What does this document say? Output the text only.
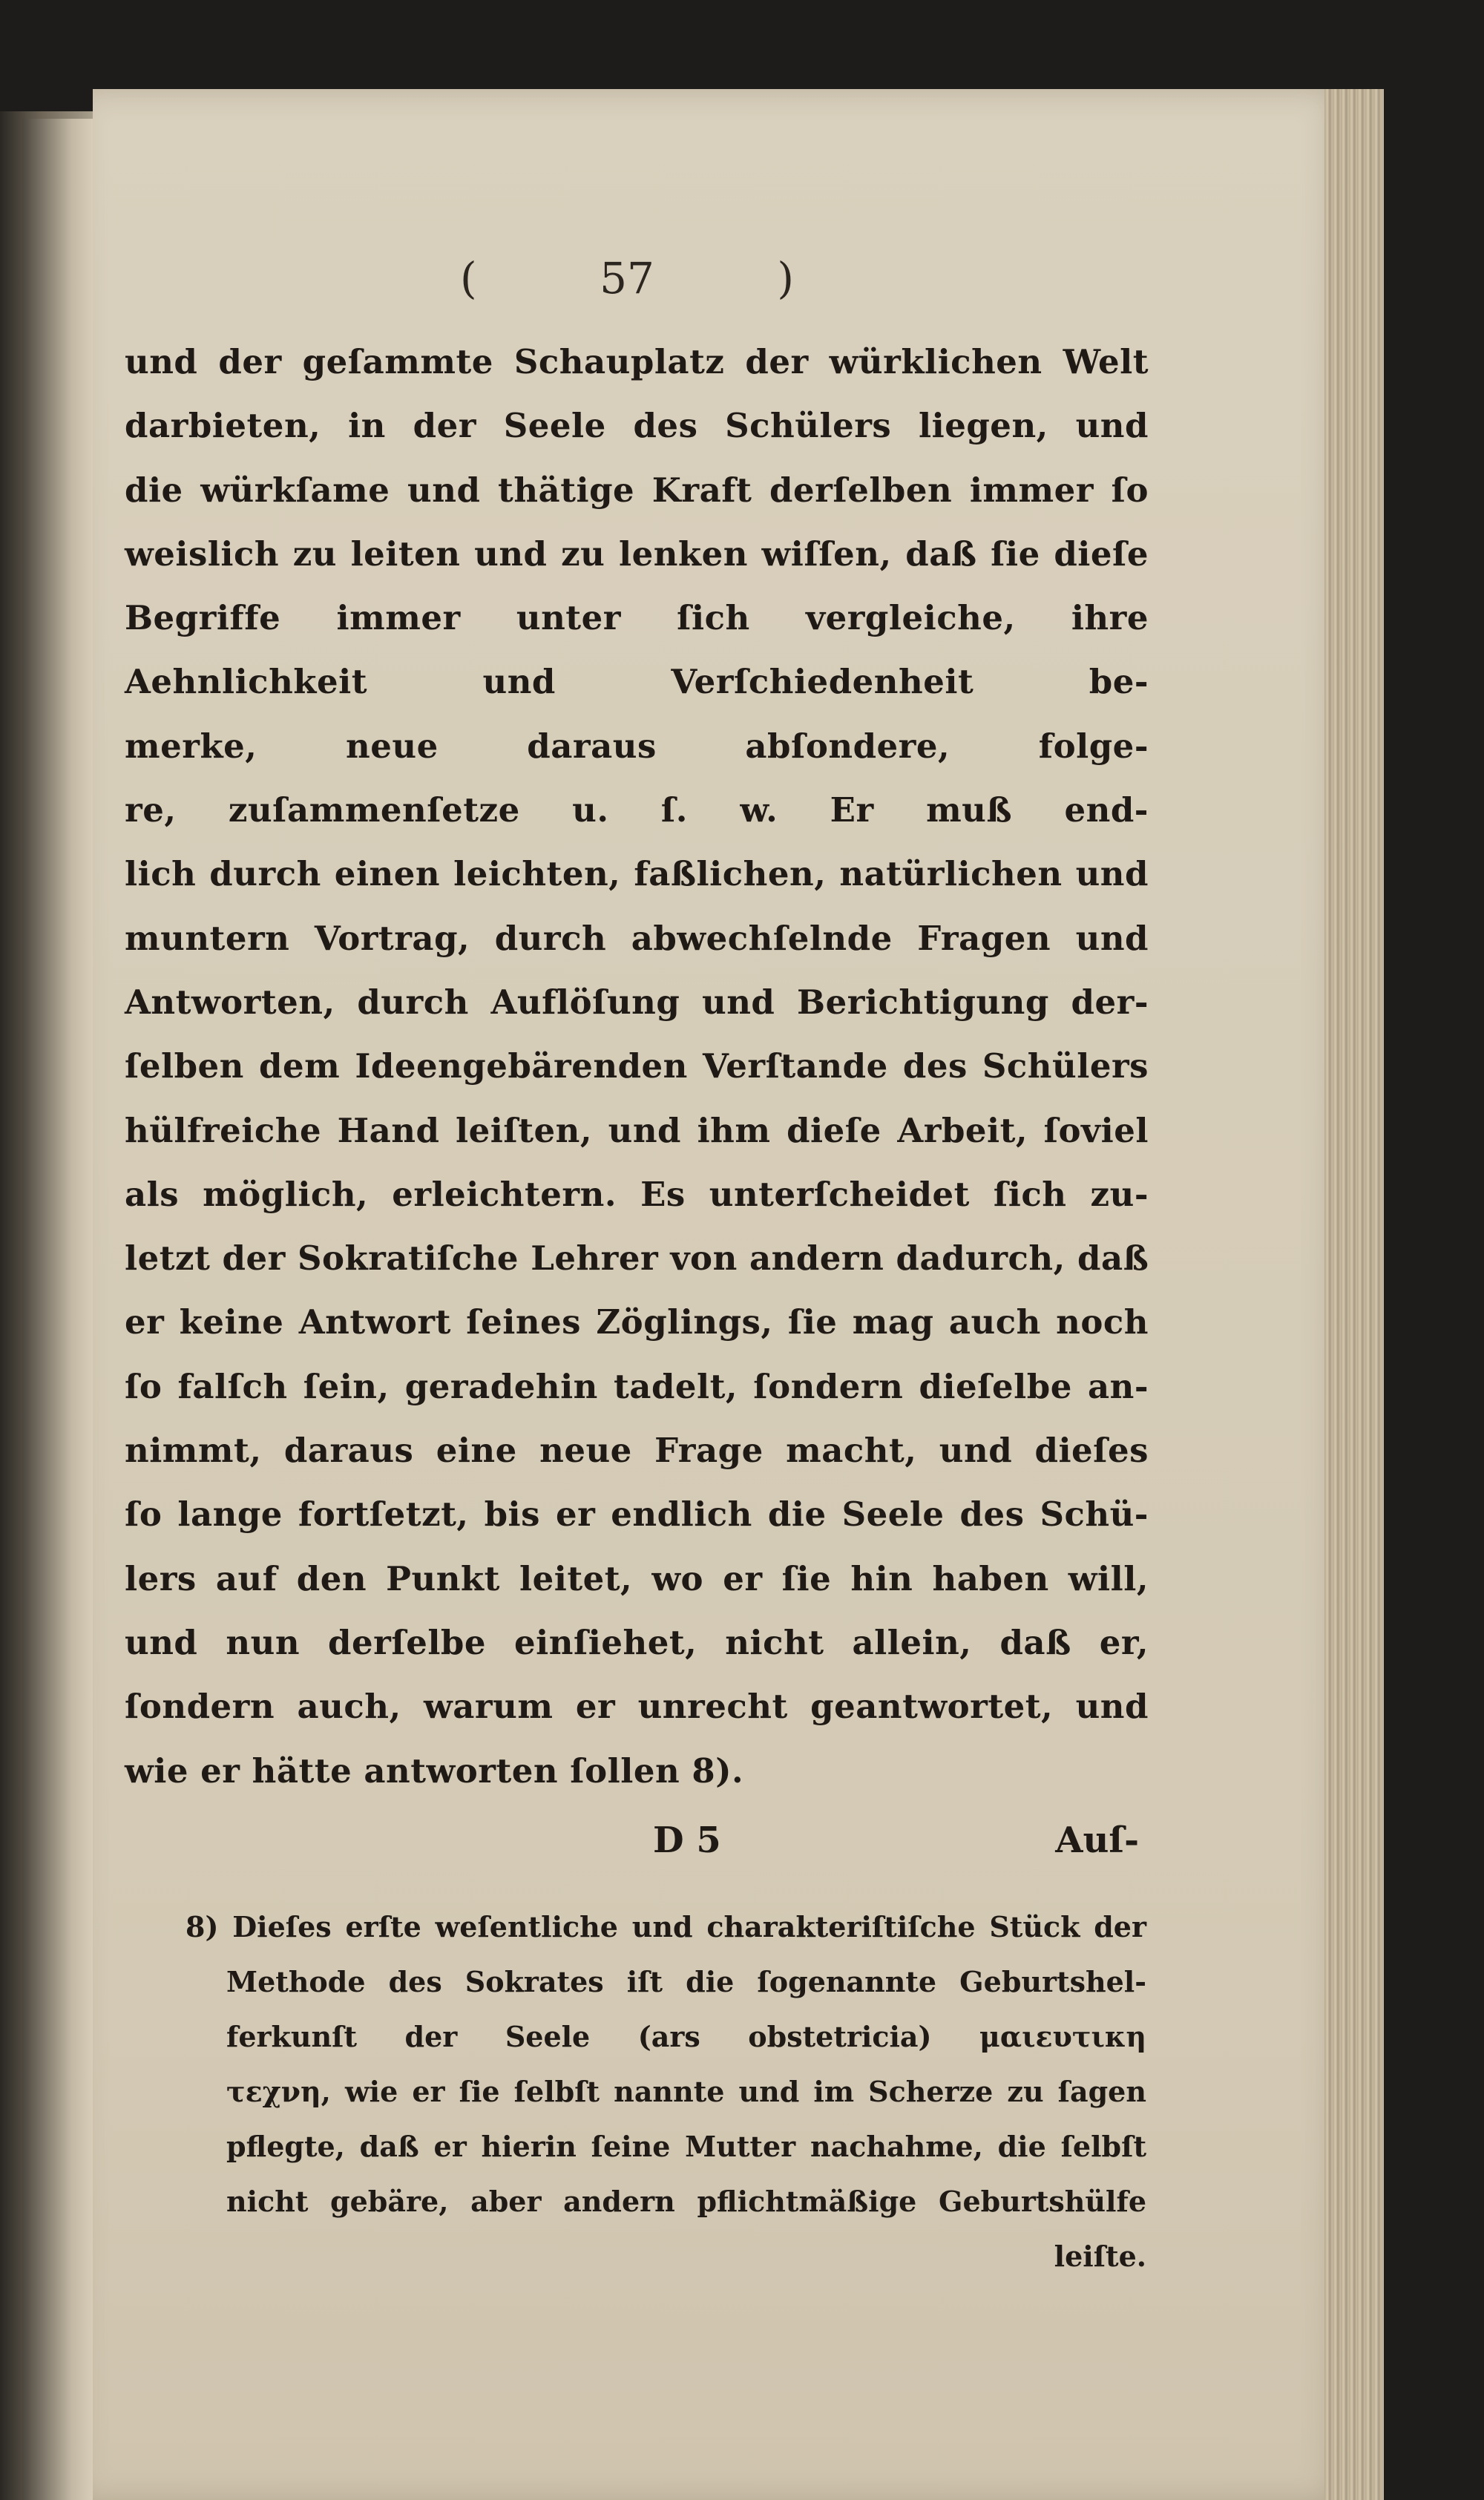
(	57	)
und der geſammte Schauplatz der würklichen Welt
darbieten, in der Seele des Schülers liegen, und
die würkſame und thätige Kraft derſelben immer ſo
weislich zu leiten und zu lenken wiſſen, daß ſie dieſe
Begriffe immer unter ſich vergleiche, ihre
Aehnlichkeit und Verſchiedenheit be-
merke, neue daraus abſondere, folge-
re, zuſammenſetze u. ſ. w. Er muß end-
lich durch einen leichten, faßlichen, natürlichen und
muntern Vortrag, durch abwechſelnde Fragen und
Antworten, durch Auflöſung und Berichtigung der-
ſelben dem Ideengebärenden Verſtande des Schülers
hülfreiche Hand leiſten, und ihm dieſe Arbeit, ſoviel
als möglich, erleichtern. Es unterſcheidet ſich zu-
letzt der Sokratiſche Lehrer von andern dadurch, daß
er keine Antwort ſeines Zöglings, ſie mag auch noch
ſo falſch ſein, geradehin tadelt, ſondern dieſelbe an-
nimmt, daraus eine neue Frage macht, und dieſes
ſo lange fortſetzt, bis er endlich die Seele des Schü-
lers auf den Punkt leitet, wo er ſie hin haben will,
und nun derſelbe einſiehet, nicht allein, daß er,
ſondern auch, warum er unrecht geantwortet, und
wie er hätte antworten ſollen 8).
D 5	Auſ-
8) Dieſes erſte weſentliche und charakteriſtiſche Stück der
Methode des Sokrates iſt die ſogenannte Geburtshel-
ferkunſt der Seele (ars obstetricia) μαιευτικη
τεχνη, wie er ſie ſelbſt nannte und im Scherze zu ſagen
pflegte, daß er hierin ſeine Mutter nachahme, die ſelbſt
nicht gebäre, aber andern pflichtmäßige Geburtshülfe
leiſte.
